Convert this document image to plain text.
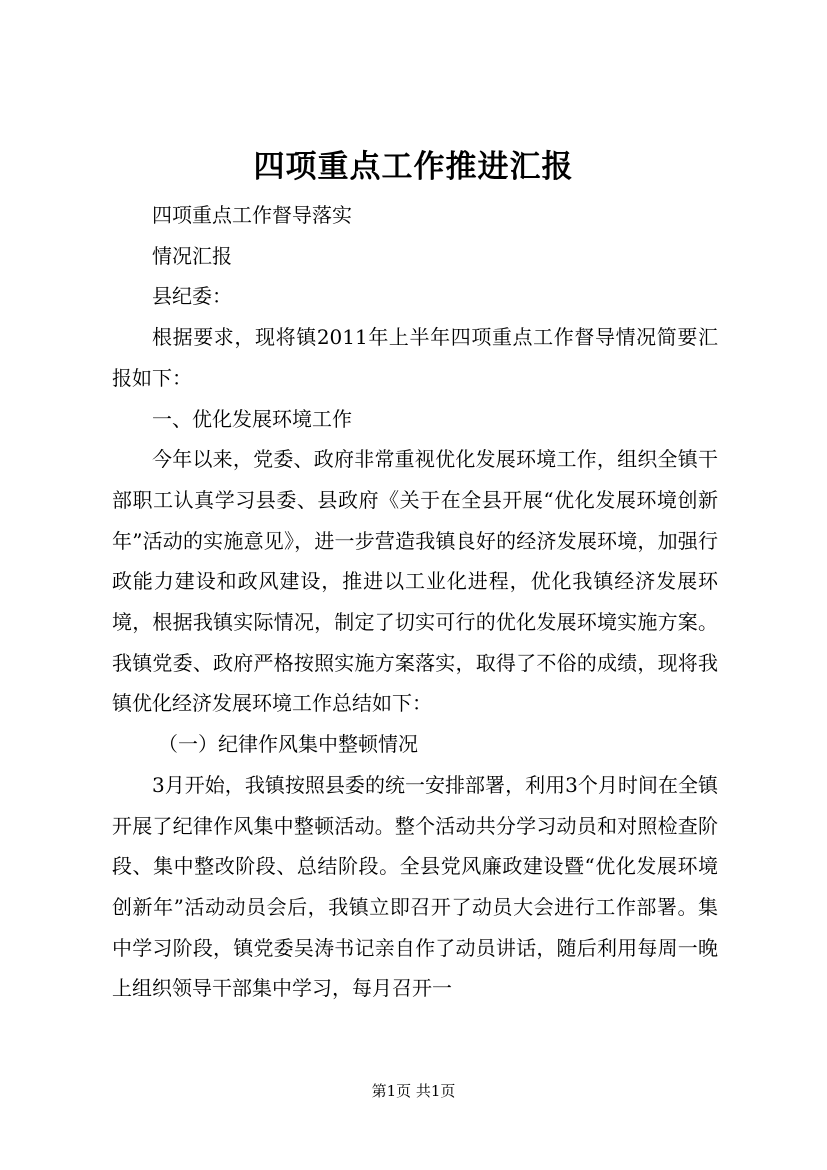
四项重点工作推进汇报

四项重点工作督导落实

情况汇报

县纪委：

根据要求，现将镇2011年上半年四项重点工作督导情况简要汇报如下：

一、优化发展环境工作

今年以来，党委、政府非常重视优化发展环境工作，组织全镇干部职工认真学习县委、县政府《关于在全县开展“优化发展环境创新年”活动的实施意见》，进一步营造我镇良好的经济发展环境，加强行政能力建设和政风建设，推进以工业化进程，优化我镇经济发展环境，根据我镇实际情况，制定了切实可行的优化发展环境实施方案。我镇党委、政府严格按照实施方案落实，取得了不俗的成绩，现将我镇优化经济发展环境工作总结如下：

（一）纪律作风集中整顿情况

3月开始，我镇按照县委的统一安排部署，利用3个月时间在全镇开展了纪律作风集中整顿活动。整个活动共分学习动员和对照检查阶段、集中整改阶段、总结阶段。全县党风廉政建设暨“优化发展环境创新年”活动动员会后，我镇立即召开了动员大会进行工作部署。集中学习阶段，镇党委吴涛书记亲自作了动员讲话，随后利用每周一晚上组织领导干部集中学习，每月召开一

第1页 共1页
